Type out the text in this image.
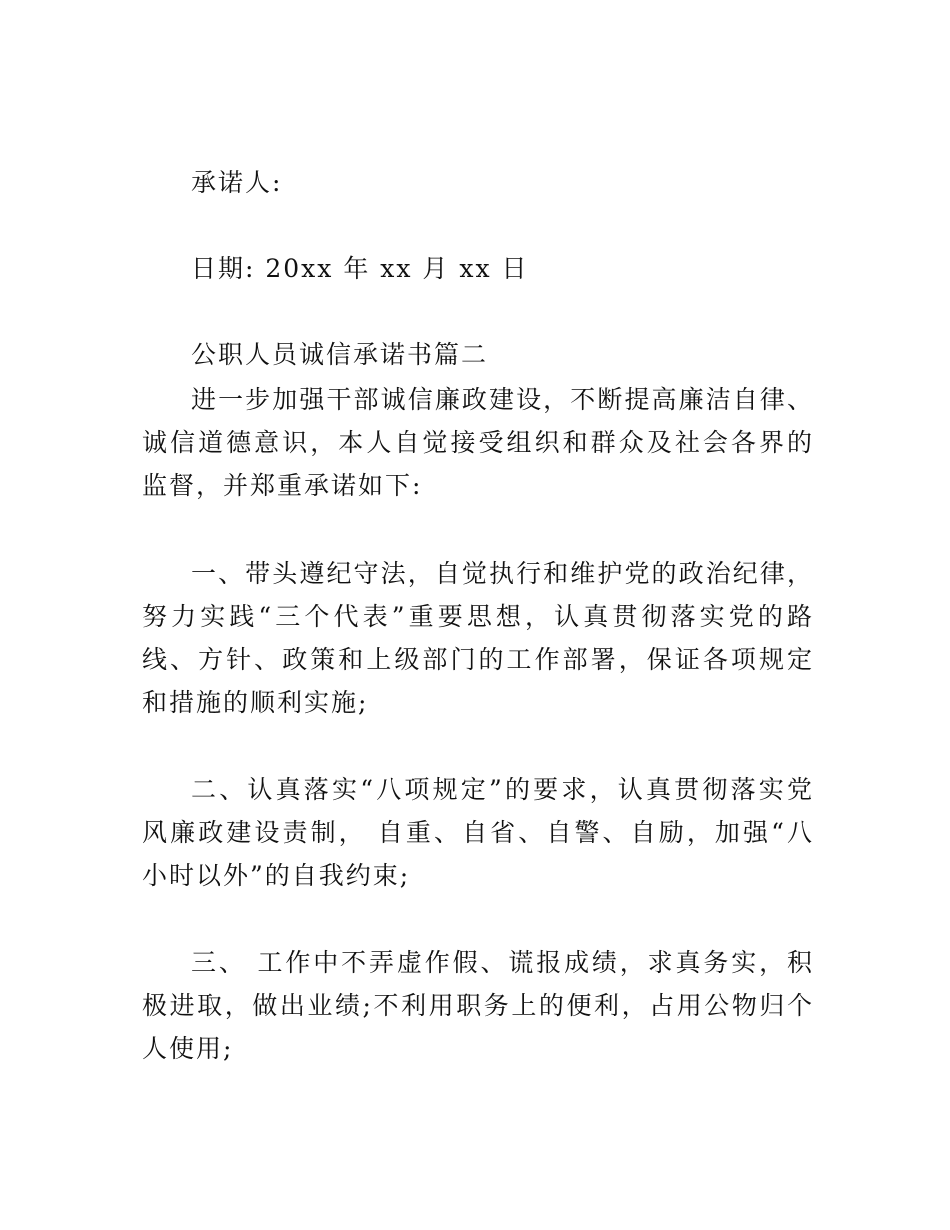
承诺人:
日期: 20xx 年 xx 月 xx 日
公职人员诚信承诺书篇二
进一步加强干部诚信廉政建设，不断提高廉洁自律、诚信道德意识，本人自觉接受组织和群众及社会各界的监督，并郑重承诺如下:
一、带头遵纪守法，自觉执行和维护党的政治纪律，努力实践“三个代表”重要思想，认真贯彻落实党的路线、方针、政策和上级部门的工作部署，保证各项规定和措施的顺利实施;
二、认真落实“八项规定”的要求，认真贯彻落实党风廉政建设责制， 自重、自省、自警、自励，加强“八小时以外”的自我约束;
三、 工作中不弄虚作假、谎报成绩，求真务实，积极进取，做出业绩;不利用职务上的便利，占用公物归个人使用;
